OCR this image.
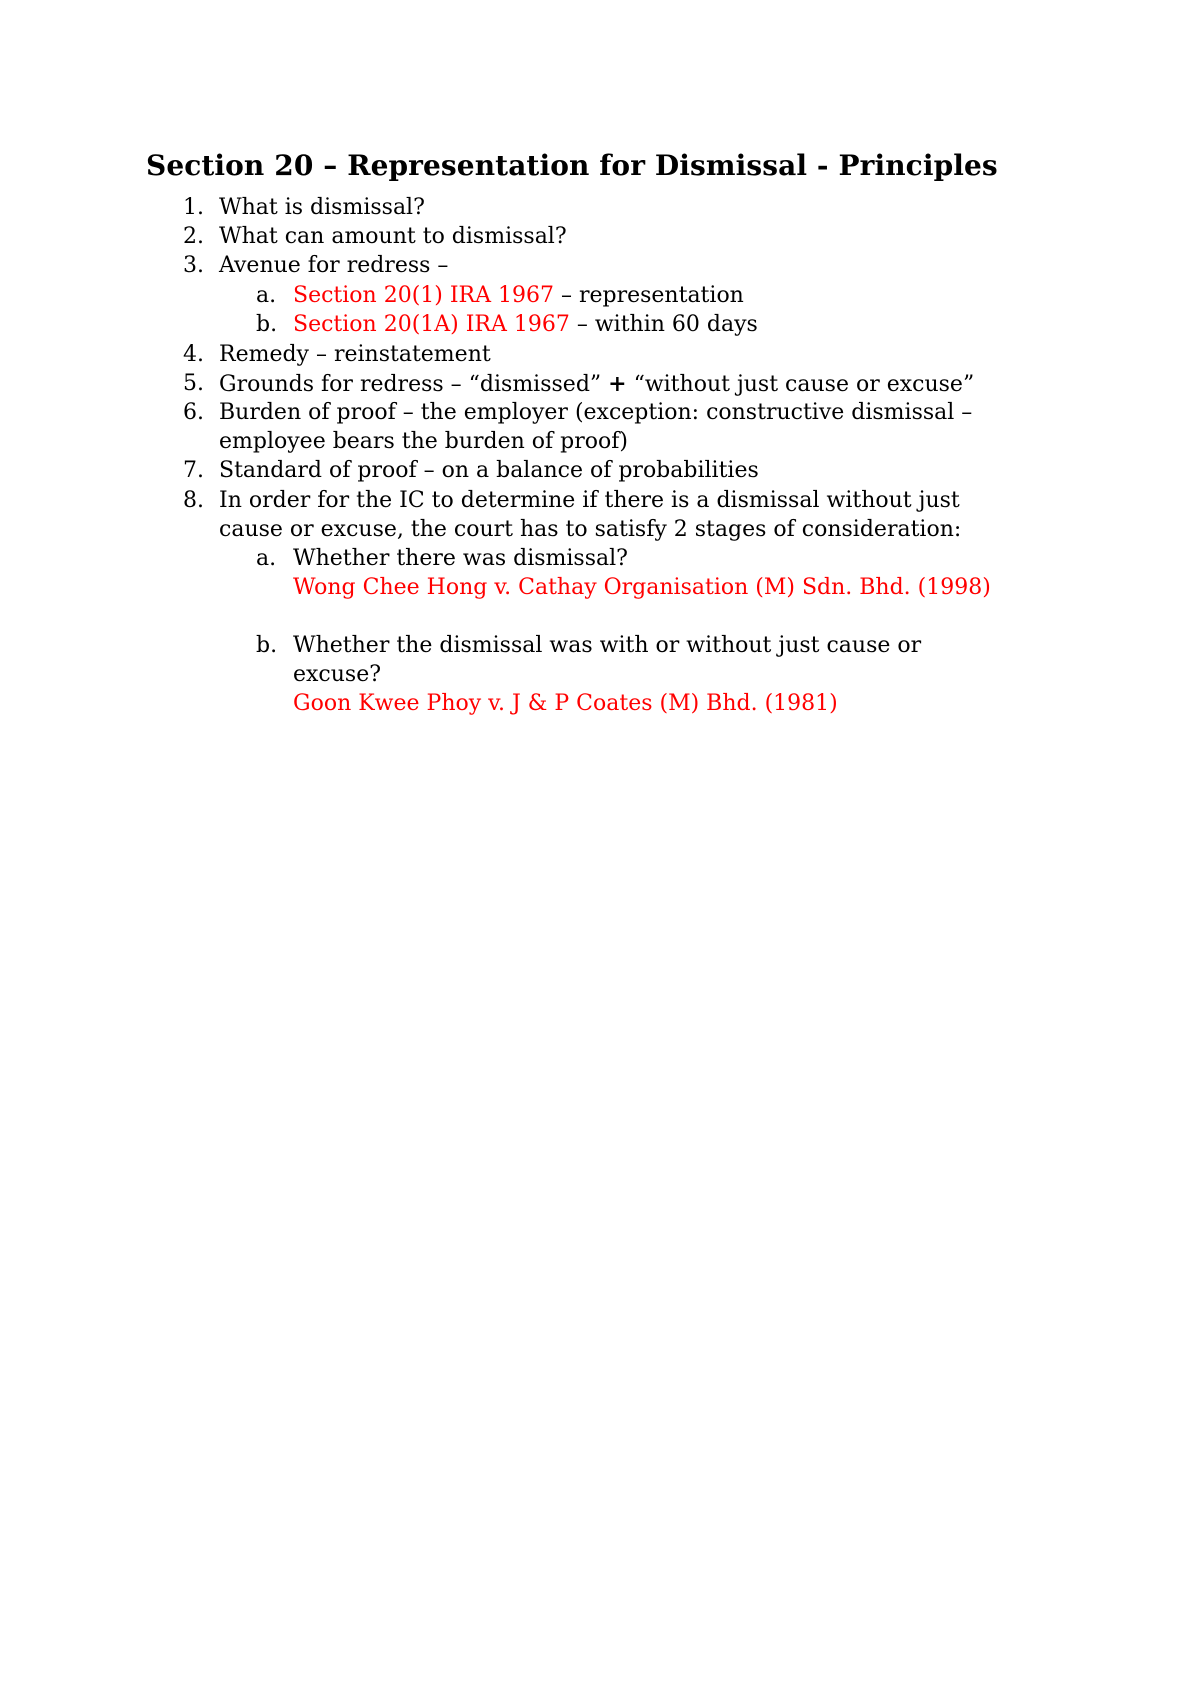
Section 20 – Representation for Dismissal - Principles
1. What is dismissal?
2. What can amount to dismissal?
3. Avenue for redress –
a. Section 20(1) IRA 1967 – representation
b. Section 20(1A) IRA 1967 – within 60 days
4. Remedy – reinstatement
5. Grounds for redress – “dismissed” + “without just cause or excuse”
6. Burden of proof – the employer (exception: constructive dismissal –
employee bears the burden of proof)
7. Standard of proof – on a balance of probabilities
8. In order for the IC to determine if there is a dismissal without just
cause or excuse, the court has to satisfy 2 stages of consideration:
a. Whether there was dismissal?
Wong Chee Hong v. Cathay Organisation (M) Sdn. Bhd. (1998)
b. Whether the dismissal was with or without just cause or
excuse?
Goon Kwee Phoy v. J & P Coates (M) Bhd. (1981)
